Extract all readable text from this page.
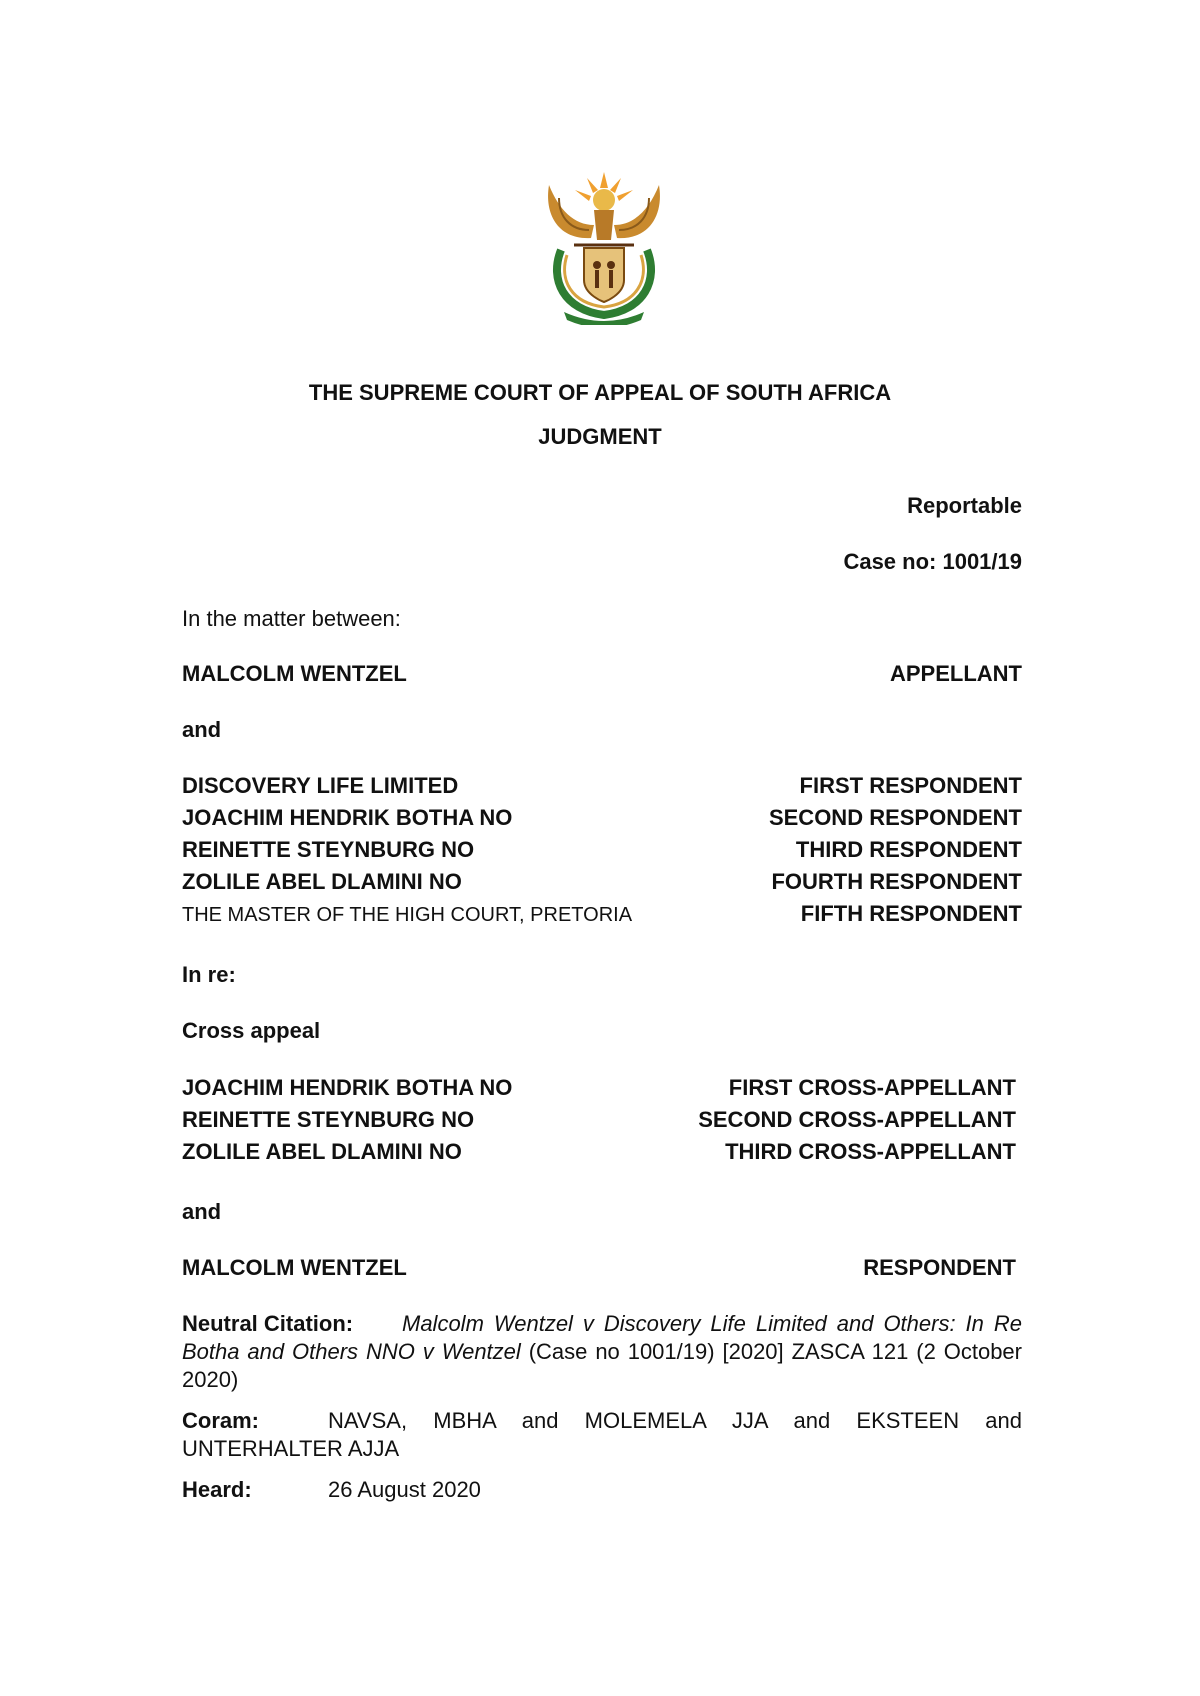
THE SUPREME COURT OF APPEAL OF SOUTH AFRICA
JUDGMENT
Reportable
Case no: 1001/19
In the matter between:
MALCOLM WENTZEL	APPELLANT
and
DISCOVERY LIFE LIMITED	FIRST RESPONDENT
JOACHIM HENDRIK BOTHA NO	SECOND RESPONDENT
REINETTE STEYNBURG NO	THIRD RESPONDENT
ZOLILE ABEL DLAMINI NO	FOURTH RESPONDENT
THE MASTER OF THE HIGH COURT, PRETORIA	FIFTH RESPONDENT
In re:
Cross appeal
JOACHIM HENDRIK BOTHA NO	FIRST CROSS-APPELLANT
REINETTE STEYNBURG NO	SECOND CROSS-APPELLANT
ZOLILE ABEL DLAMINI NO	THIRD CROSS-APPELLANT
and
MALCOLM WENTZEL	RESPONDENT
Neutral Citation: Malcolm Wentzel v Discovery Life Limited and Others: In Re Botha and Others NNO v Wentzel (Case no 1001/19) [2020] ZASCA 121 (2 October 2020)
Coram:	NAVSA, MBHA and MOLEMELA JJA and EKSTEEN and UNTERHALTER AJJA
Heard:	26 August 2020
